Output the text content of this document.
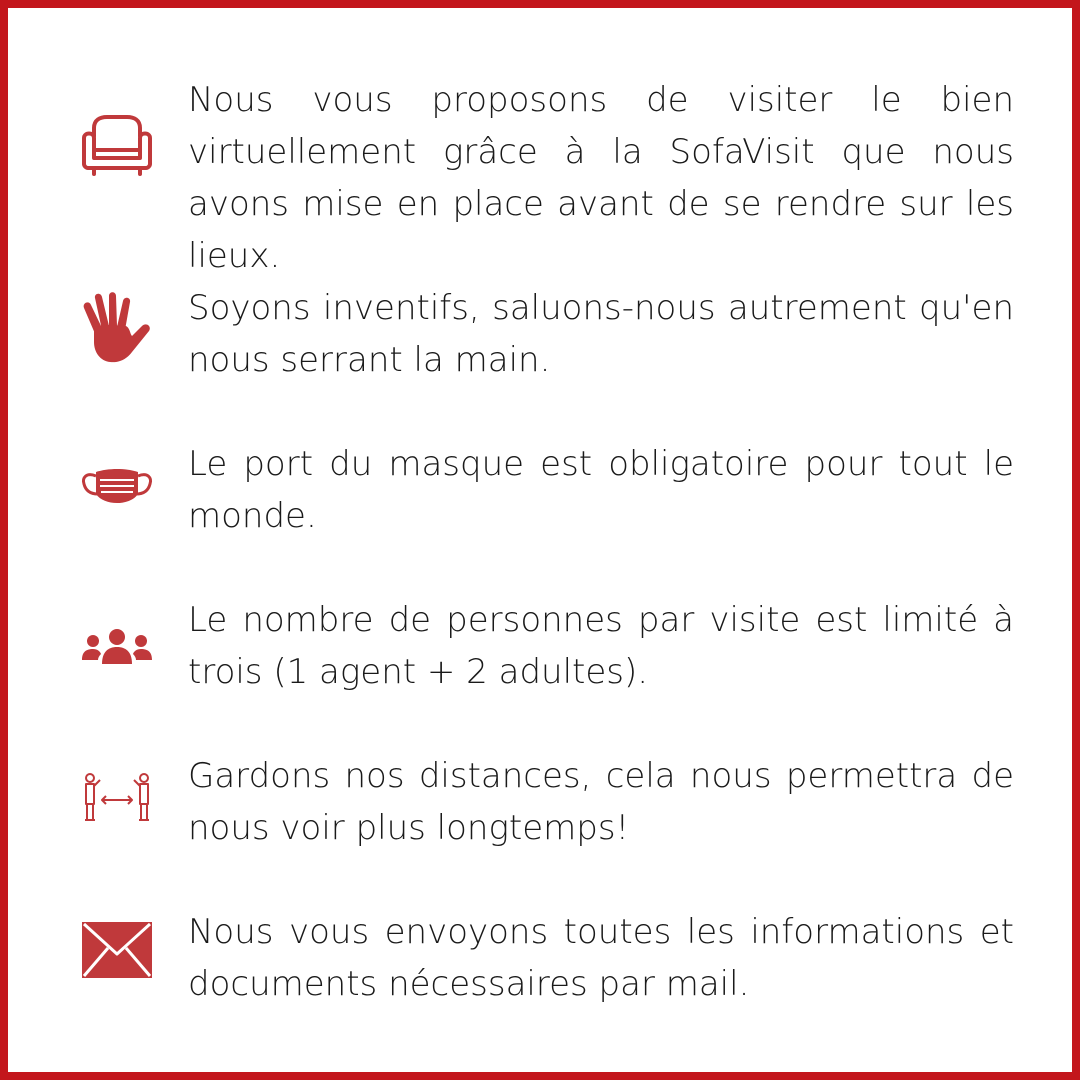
Nous vous proposons de visiter le bien virtuellement grâce à la SofaVisit que nous avons mise en place avant de se rendre sur les lieux.

Soyons inventifs, saluons-nous autrement qu'en nous serrant la main.

Le port du masque est obligatoire pour tout le monde.

Le nombre de personnes par visite est limité à trois (1 agent + 2 adultes).

Gardons nos distances, cela nous permettra de nous voir plus longtemps!

Nous vous envoyons toutes les informations et documents nécessaires par mail.
